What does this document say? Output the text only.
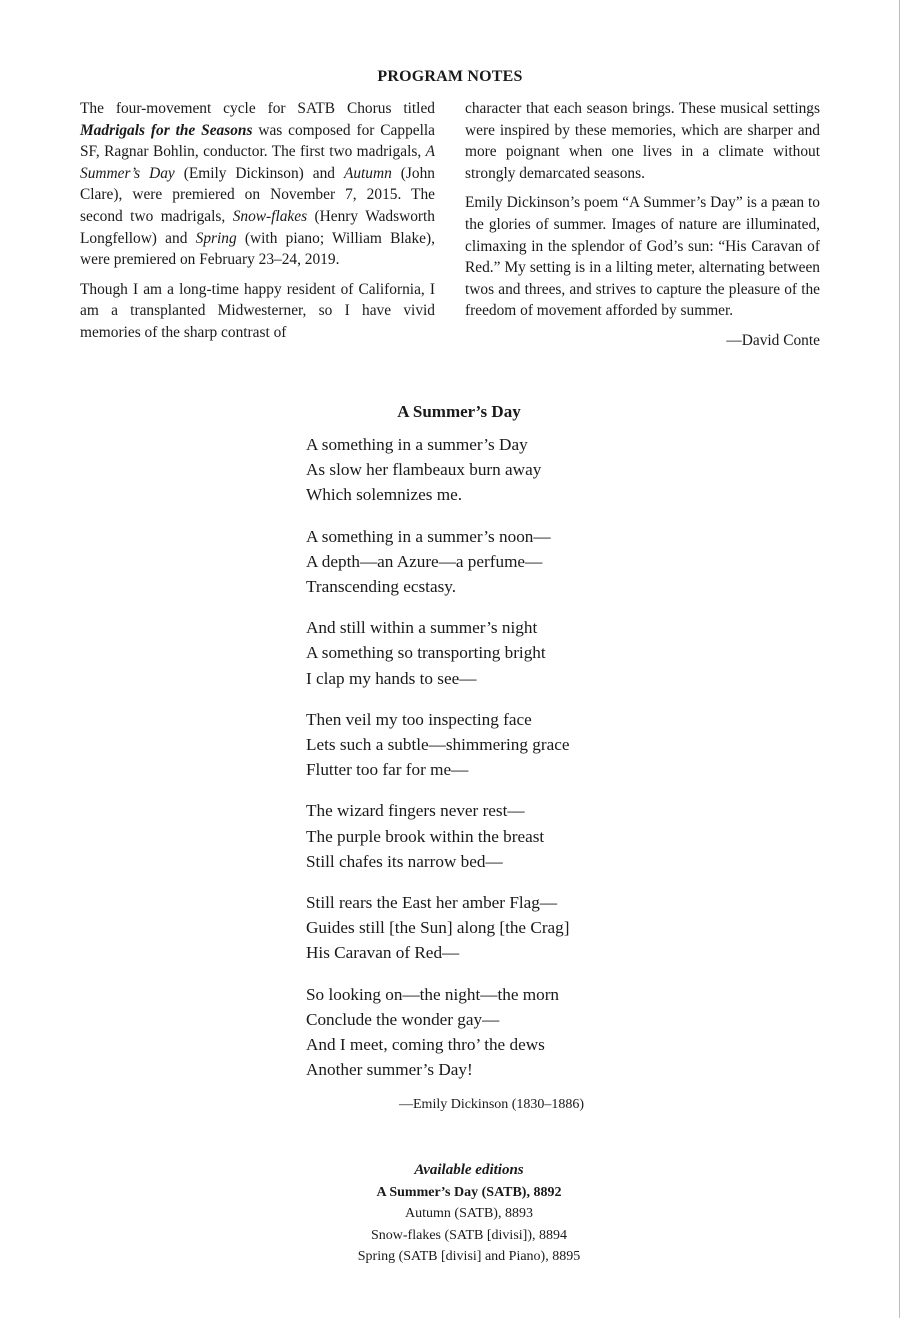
PROGRAM NOTES

The four-movement cycle for SATB Chorus titled Madrigals for the Seasons was composed for Cappella SF, Ragnar Bohlin, conductor. The first two madrigals, A Summer’s Day (Emily Dickinson) and Autumn (John Clare), were premiered on November 7, 2015. The second two madrigals, Snow-flakes (Henry Wadsworth Longfellow) and Spring (with piano; William Blake), were premiered on February 23–24, 2019.

Though I am a long-time happy resident of California, I am a transplanted Midwesterner, so I have vivid memories of the sharp contrast of

character that each season brings. These musical settings were inspired by these memories, which are sharper and more poignant when one lives in a climate without strongly demarcated seasons.

Emily Dickinson’s poem “A Summer’s Day” is a pæan to the glories of summer. Images of nature are illuminated, climaxing in the splendor of God’s sun: “His Caravan of Red.” My setting is in a lilting meter, alternating between twos and threes, and strives to capture the pleasure of the freedom of movement afforded by summer.

—David Conte
A Summer’s Day
A something in a summer’s Day
As slow her flambeaux burn away
Which solemnizes me.
A something in a summer’s noon—
A depth—an Azure—a perfume—
Transcending ecstasy.
And still within a summer’s night
A something so transporting bright
I clap my hands to see—
Then veil my too inspecting face
Lets such a subtle—shimmering grace
Flutter too far for me—
The wizard fingers never rest—
The purple brook within the breast
Still chafes its narrow bed—
Still rears the East her amber Flag—
Guides still [the Sun] along [the Crag]
His Caravan of Red—
So looking on—the night—the morn
Conclude the wonder gay—
And I meet, coming thro’ the dews
Another summer’s Day!
—Emily Dickinson (1830–1886)
Available editions
A Summer’s Day (SATB), 8892
Autumn (SATB), 8893
Snow-flakes (SATB [divisi]), 8894
Spring (SATB [divisi] and Piano), 8895
